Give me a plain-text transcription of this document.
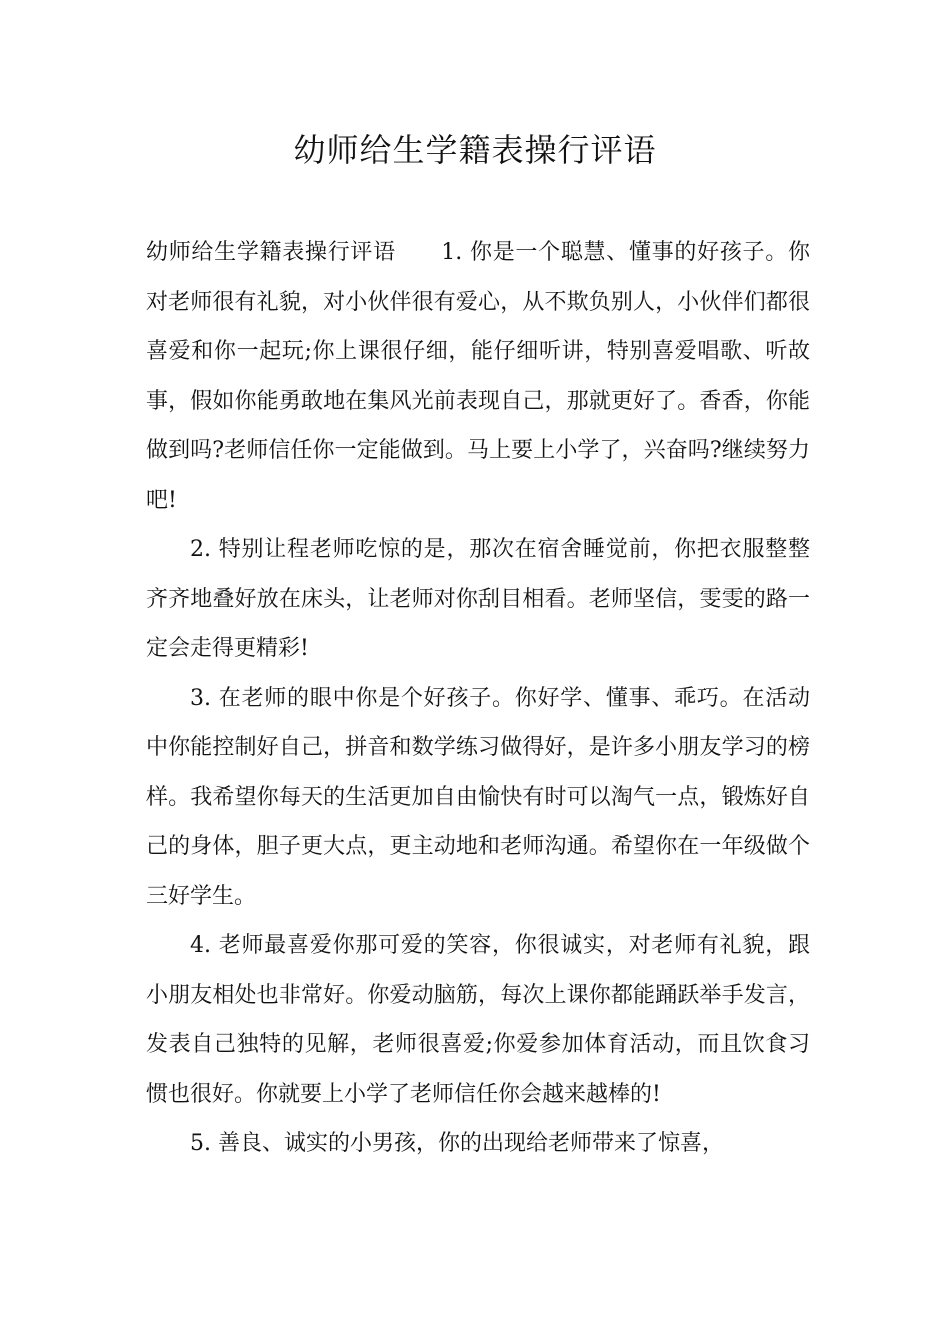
幼师给生学籍表操行评语

幼师给生学籍表操行评语　　1. 你是一个聪慧、懂事的好孩子。你对老师很有礼貌，对小伙伴很有爱心，从不欺负别人，小伙伴们都很喜爱和你一起玩;你上课很仔细，能仔细听讲，特别喜爱唱歌、听故事，假如你能勇敢地在集风光前表现自己，那就更好了。香香，你能做到吗?老师信任你一定能做到。马上要上小学了，兴奋吗?继续努力吧!

2. 特别让程老师吃惊的是，那次在宿舍睡觉前，你把衣服整整齐齐地叠好放在床头，让老师对你刮目相看。老师坚信，雯雯的路一定会走得更精彩!

3. 在老师的眼中你是个好孩子。你好学、懂事、乖巧。在活动中你能控制好自己，拼音和数学练习做得好，是许多小朋友学习的榜样。我希望你每天的生活更加自由愉快有时可以淘气一点，锻炼好自己的身体，胆子更大点，更主动地和老师沟通。希望你在一年级做个三好学生。

4. 老师最喜爱你那可爱的笑容，你很诚实，对老师有礼貌，跟小朋友相处也非常好。你爱动脑筋，每次上课你都能踊跃举手发言，发表自己独特的见解，老师很喜爱;你爱参加体育活动，而且饮食习惯也很好。你就要上小学了老师信任你会越来越棒的!

5. 善良、诚实的小男孩，你的出现给老师带来了惊喜，
